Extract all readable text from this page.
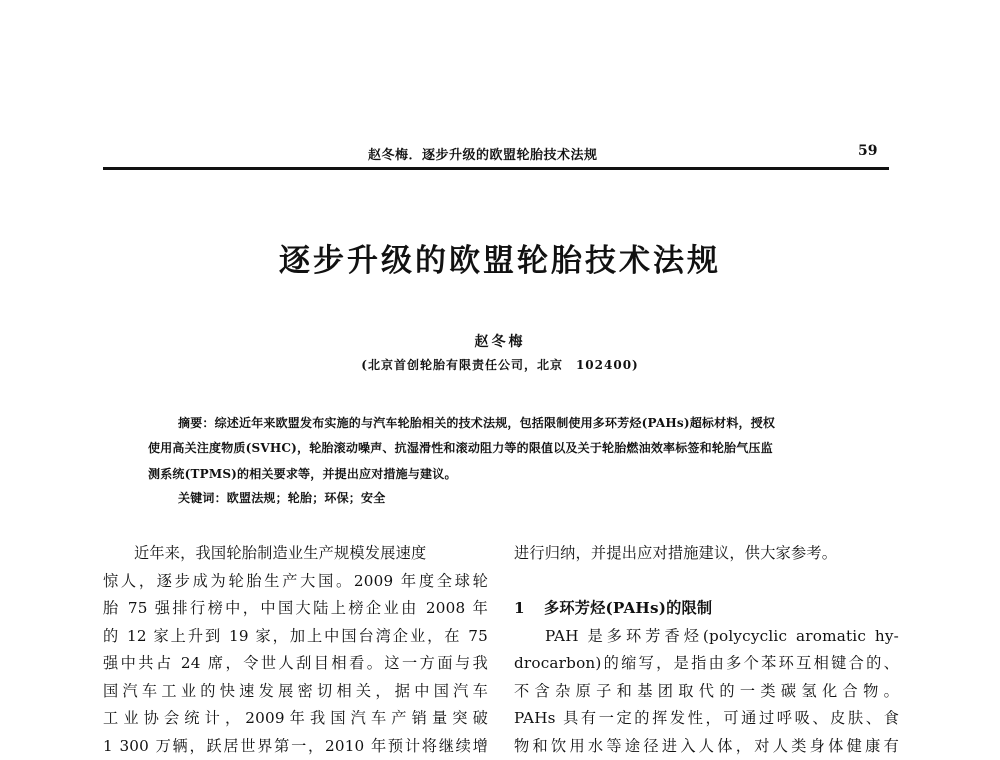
赵冬梅．逐步升级的欧盟轮胎技术法规	59
逐步升级的欧盟轮胎技术法规
赵冬梅
(北京首创轮胎有限责任公司，北京　102400)
摘要：综述近年来欧盟发布实施的与汽车轮胎相关的技术法规，包括限制使用多环芳烃(PAHs)超标材料，授权
使用高关注度物质(SVHC)，轮胎滚动噪声、抗湿滑性和滚动阻力等的限值以及关于轮胎燃油效率标签和轮胎气压监
测系统(TPMS)的相关要求等，并提出应对措施与建议。
关键词：欧盟法规；轮胎；环保；安全
近年来，我国轮胎制造业生产规模发展速度
惊人，逐步成为轮胎生产大国。2009 年度全球轮
胎 75 强排行榜中，中国大陆上榜企业由 2008 年
的 12 家上升到 19 家，加上中国台湾企业，在 75
强中共占 24 席，令世人刮目相看。这一方面与我
国汽车工业的快速发展密切相关，据中国汽车
工业协会统计，2009年我国汽车产销量突破
1 300 万辆，跃居世界第一，2010 年预计将继续增
进行归纳，并提出应对措施建议，供大家参考。
1 多环芳烃(PAHs)的限制
PAH 是多环芳香烃(polycyclic aromatic hy-
drocarbon)的缩写，是指由多个苯环互相键合的、
不含杂原子和基团取代的一类碳氢化合物。
PAHs 具有一定的挥发性，可通过呼吸、皮肤、食
物和饮用水等途径进入人体，对人类身体健康有
